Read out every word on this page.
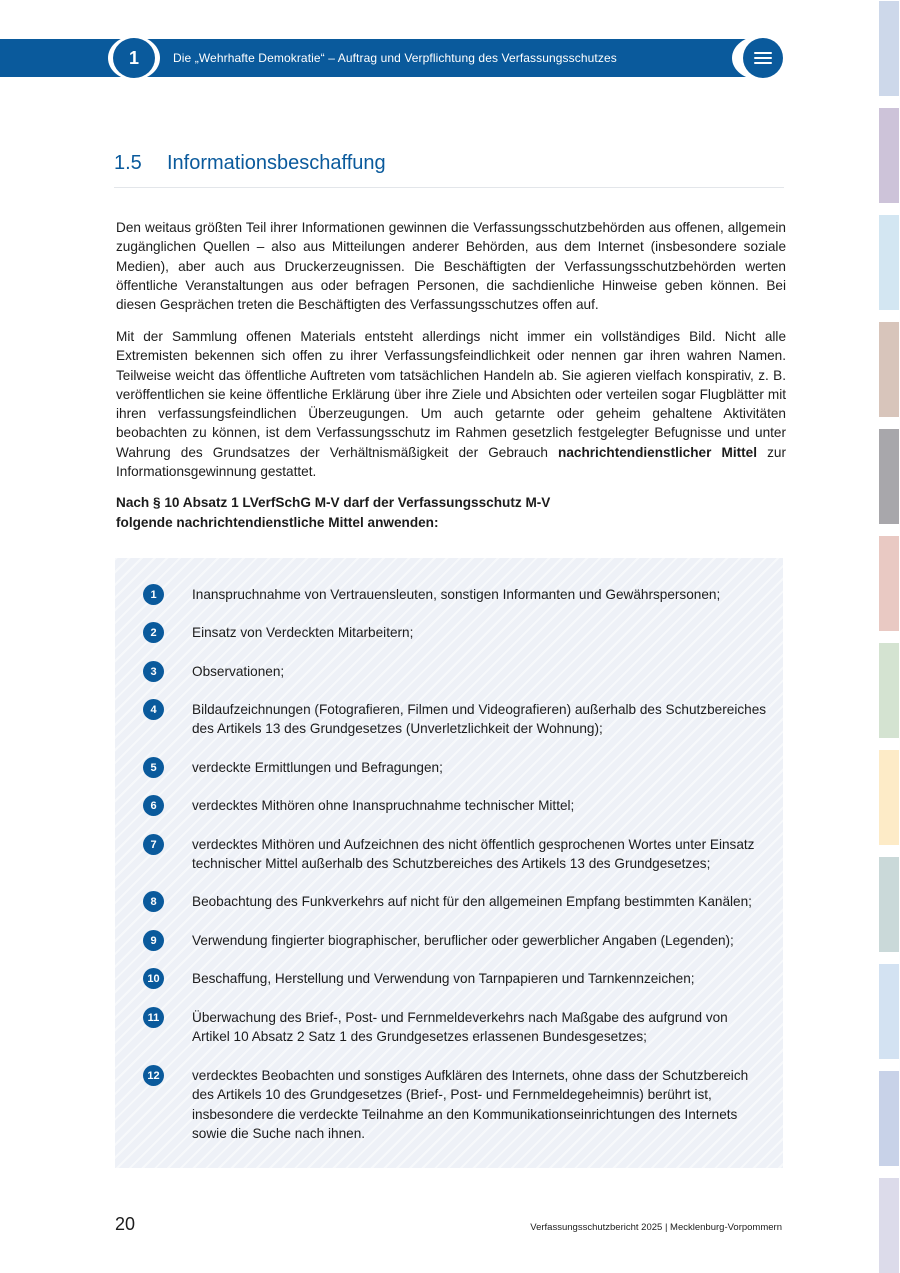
1	Die „Wehrhafte Demokratie“ – Auftrag und Verpflichtung des Verfassungsschutzes
1.5 Informationsbeschaffung

Den weitaus größten Teil ihrer Informationen gewinnen die Verfassungsschutzbehörden aus offenen, allgemein zugänglichen Quellen – also aus Mitteilungen anderer Behörden, aus dem Internet (insbesondere soziale Medien), aber auch aus Druckerzeugnissen. Die Beschäftigten der Verfassungsschutzbehörden werten öffentliche Veranstaltungen aus oder befragen Personen, die sachdienliche Hinweise geben können. Bei diesen Gesprächen treten die Beschäftigten des Verfassungsschutzes offen auf.

Mit der Sammlung offenen Materials entsteht allerdings nicht immer ein vollständiges Bild. Nicht alle Extremisten bekennen sich offen zu ihrer Verfassungsfeindlichkeit oder nennen gar ihren wahren Namen. Teilweise weicht das öffentliche Auftreten vom tatsächlichen Handeln ab. Sie agieren vielfach konspirativ, z. B. veröffentlichen sie keine öffentliche Erklärung über ihre Ziele und Absichten oder verteilen sogar Flugblätter mit ihren verfassungsfeindlichen Überzeugungen. Um auch getarnte oder geheim gehaltene Aktivitäten beobachten zu können, ist dem Verfassungsschutz im Rahmen gesetzlich festgelegter Befugnisse und unter Wahrung des Grundsatzes der Verhältnismäßigkeit der Gebrauch nachrichtendienstlicher Mittel zur Informationsgewinnung gestattet.

Nach § 10 Absatz 1 LVerfSchG M-V darf der Verfassungsschutz M-V
folgende nachrichtendienstliche Mittel anwenden:

1	Inanspruchnahme von Vertrauensleuten, sonstigen Informanten und Gewährspersonen;
2	Einsatz von Verdeckten Mitarbeitern;
3	Observationen;
4	Bildaufzeichnungen (Fotografieren, Filmen und Videografieren) außerhalb des Schutzbereiches des Artikels 13 des Grundgesetzes (Unverletzlichkeit der Wohnung);
5	verdeckte Ermittlungen und Befragungen;
6	verdecktes Mithören ohne Inanspruchnahme technischer Mittel;
7	verdecktes Mithören und Aufzeichnen des nicht öffentlich gesprochenen Wortes unter Einsatz technischer Mittel außerhalb des Schutzbereiches des Artikels 13 des Grundgesetzes;
8	Beobachtung des Funkverkehrs auf nicht für den allgemeinen Empfang bestimmten Kanälen;
9	Verwendung fingierter biographischer, beruflicher oder gewerblicher Angaben (Legenden);
10	Beschaffung, Herstellung und Verwendung von Tarnpapieren und Tarnkennzeichen;
11	Überwachung des Brief-, Post- und Fernmeldeverkehrs nach Maßgabe des aufgrund von Artikel 10 Absatz 2 Satz 1 des Grundgesetzes erlassenen Bundesgesetzes;
12	verdecktes Beobachten und sonstiges Aufklären des Internets, ohne dass der Schutzbereich des Artikels 10 des Grundgesetzes (Brief-, Post- und Fernmeldegeheimnis) berührt ist, insbesondere die verdeckte Teilnahme an den Kommunikationseinrichtungen des Internets sowie die Suche nach ihnen.
20	Verfassungsschutzbericht 2025 | Mecklenburg-Vorpommern
